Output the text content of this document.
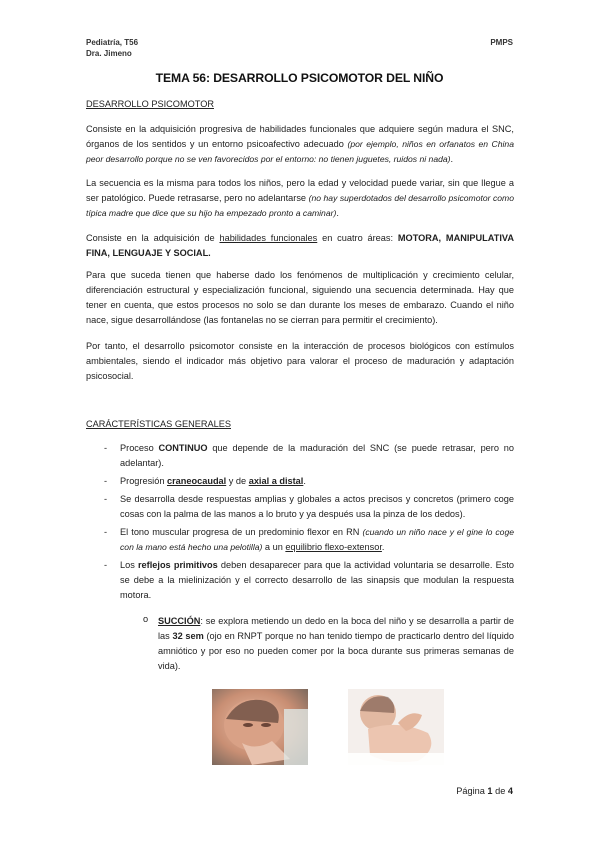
Pediatría, T56
Dra. Jimeno
PMPS
TEMA 56: DESARROLLO PSICOMOTOR DEL NIÑO
DESARROLLO PSICOMOTOR
Consiste en la adquisición progresiva de habilidades funcionales que adquiere según madura el SNC, órganos de los sentidos y un entorno psicoafectivo adecuado (por ejemplo, niños en orfanatos en China peor desarrollo porque no se ven favorecidos por el entorno: no tienen juguetes, ruidos ni nada).
La secuencia es la misma para todos los niños, pero la edad y velocidad puede variar, sin que llegue a ser patológico. Puede retrasarse, pero no adelantarse (no hay superdotados del desarrollo psicomotor como típica madre que dice que su hijo ha empezado pronto a caminar).
Consiste en la adquisición de habilidades funcionales en cuatro áreas: MOTORA, MANIPULATIVA FINA, LENGUAJE Y SOCIAL.
Para que suceda tienen que haberse dado los fenómenos de multiplicación y crecimiento celular, diferenciación estructural y especialización funcional, siguiendo una secuencia determinada. Hay que tener en cuenta, que estos procesos no solo se dan durante los meses de embarazo. Cuando el niño nace, sigue desarrollándose (las fontanelas no se cierran para permitir el crecimiento).
Por tanto, el desarrollo psicomotor consiste en la interacción de procesos biológicos con estímulos ambientales, siendo el indicador más objetivo para valorar el proceso de maduración y adaptación psicosocial.
CARÁCTERÍSTICAS GENERALES
- Proceso CONTINUO que depende de la maduración del SNC (se puede retrasar, pero no adelantar).
- Progresión craneocaudal y de axial a distal.
- Se desarrolla desde respuestas amplias y globales a actos precisos y concretos (primero coge cosas con la palma de las manos a lo bruto y ya después usa la pinza de los dedos).
- El tono muscular progresa de un predominio flexor en RN (cuando un niño nace y el gine lo coge con la mano está hecho una pelotilla) a un equilibrio flexo-extensor.
- Los reflejos primitivos deben desaparecer para que la actividad voluntaria se desarrolle. Esto se debe a la mielinización y el correcto desarrollo de las sinapsis que modulan la respuesta motora.
o SUCCIÓN: se explora metiendo un dedo en la boca del niño y se desarrolla a partir de las 32 sem (ojo en RNPT porque no han tenido tiempo de practicarlo dentro del líquido amniótico y por eso no pueden comer por la boca durante sus primeras semanas de vida).
Página 1 de 4
